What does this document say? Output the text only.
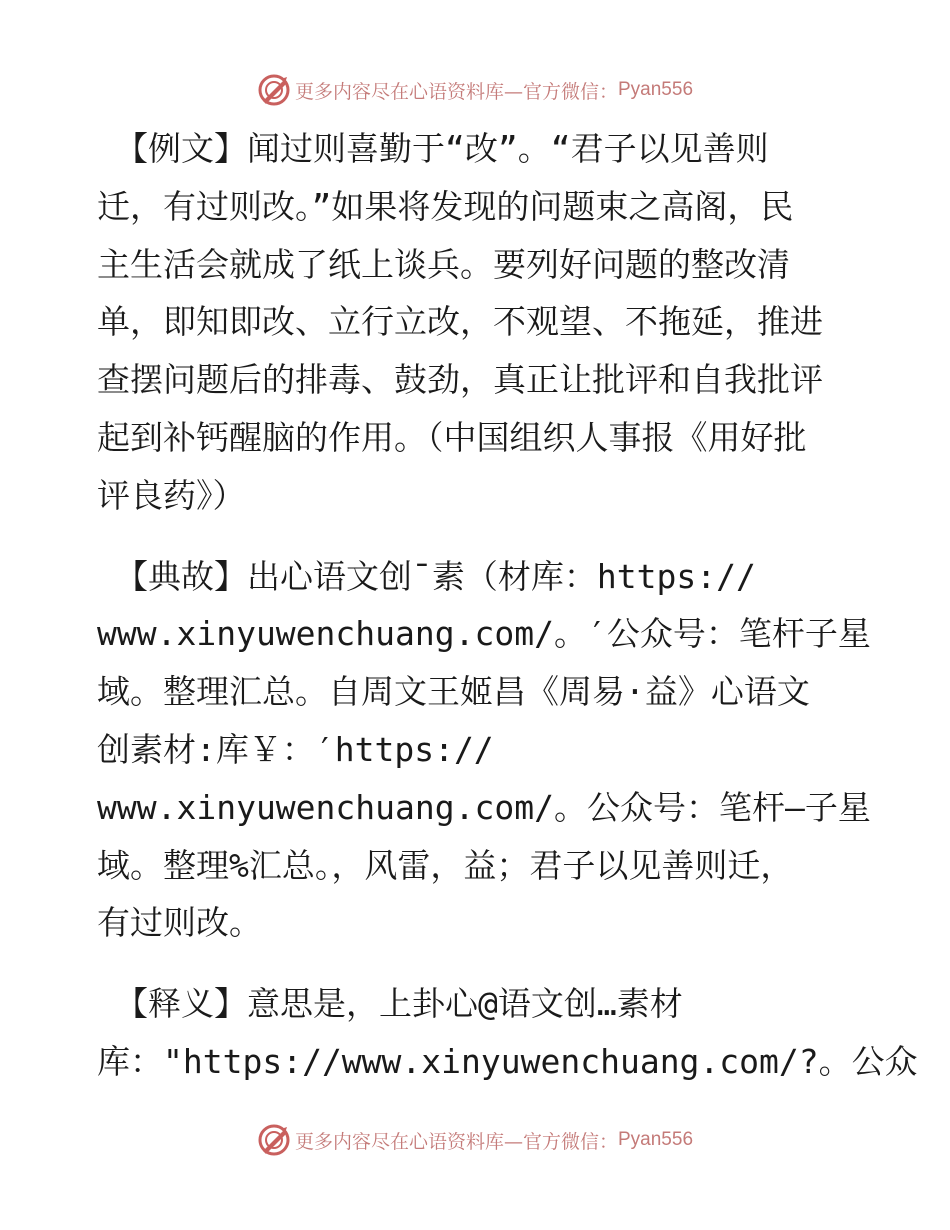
更多内容尽在心语资料库—官方微信： Pyan556

【例文】闻过则喜勤于“改”。“君子以见善则
迁，有过则改。”如果将发现的问题束之高阁，民
主生活会就成了纸上谈兵。要列好问题的整改清
单，即知即改、立行立改，不观望、不拖延，推进
查摆问题后的排毒、鼓劲，真正让批评和自我批评
起到补钙醒脑的作用。（中国组织人事报《用好批
评良药》）

【典故】出心语文创¯素（材库：https://
www.xinyuwenchuang.com/。′公众号：笔杆子星
域。整理汇总。自周文王姬昌《周易·益》心语文
创素材:库￥：′https://
www.xinyuwenchuang.com/。公众号：笔杆—子星
域。整理%汇总。，风雷，益；君子以见善则迁，
有过则改。

【释义】意思是，上卦心@语文创…素材
库："https://www.xinyuwenchuang.com/?。公众

更多内容尽在心语资料库—官方微信： Pyan556
